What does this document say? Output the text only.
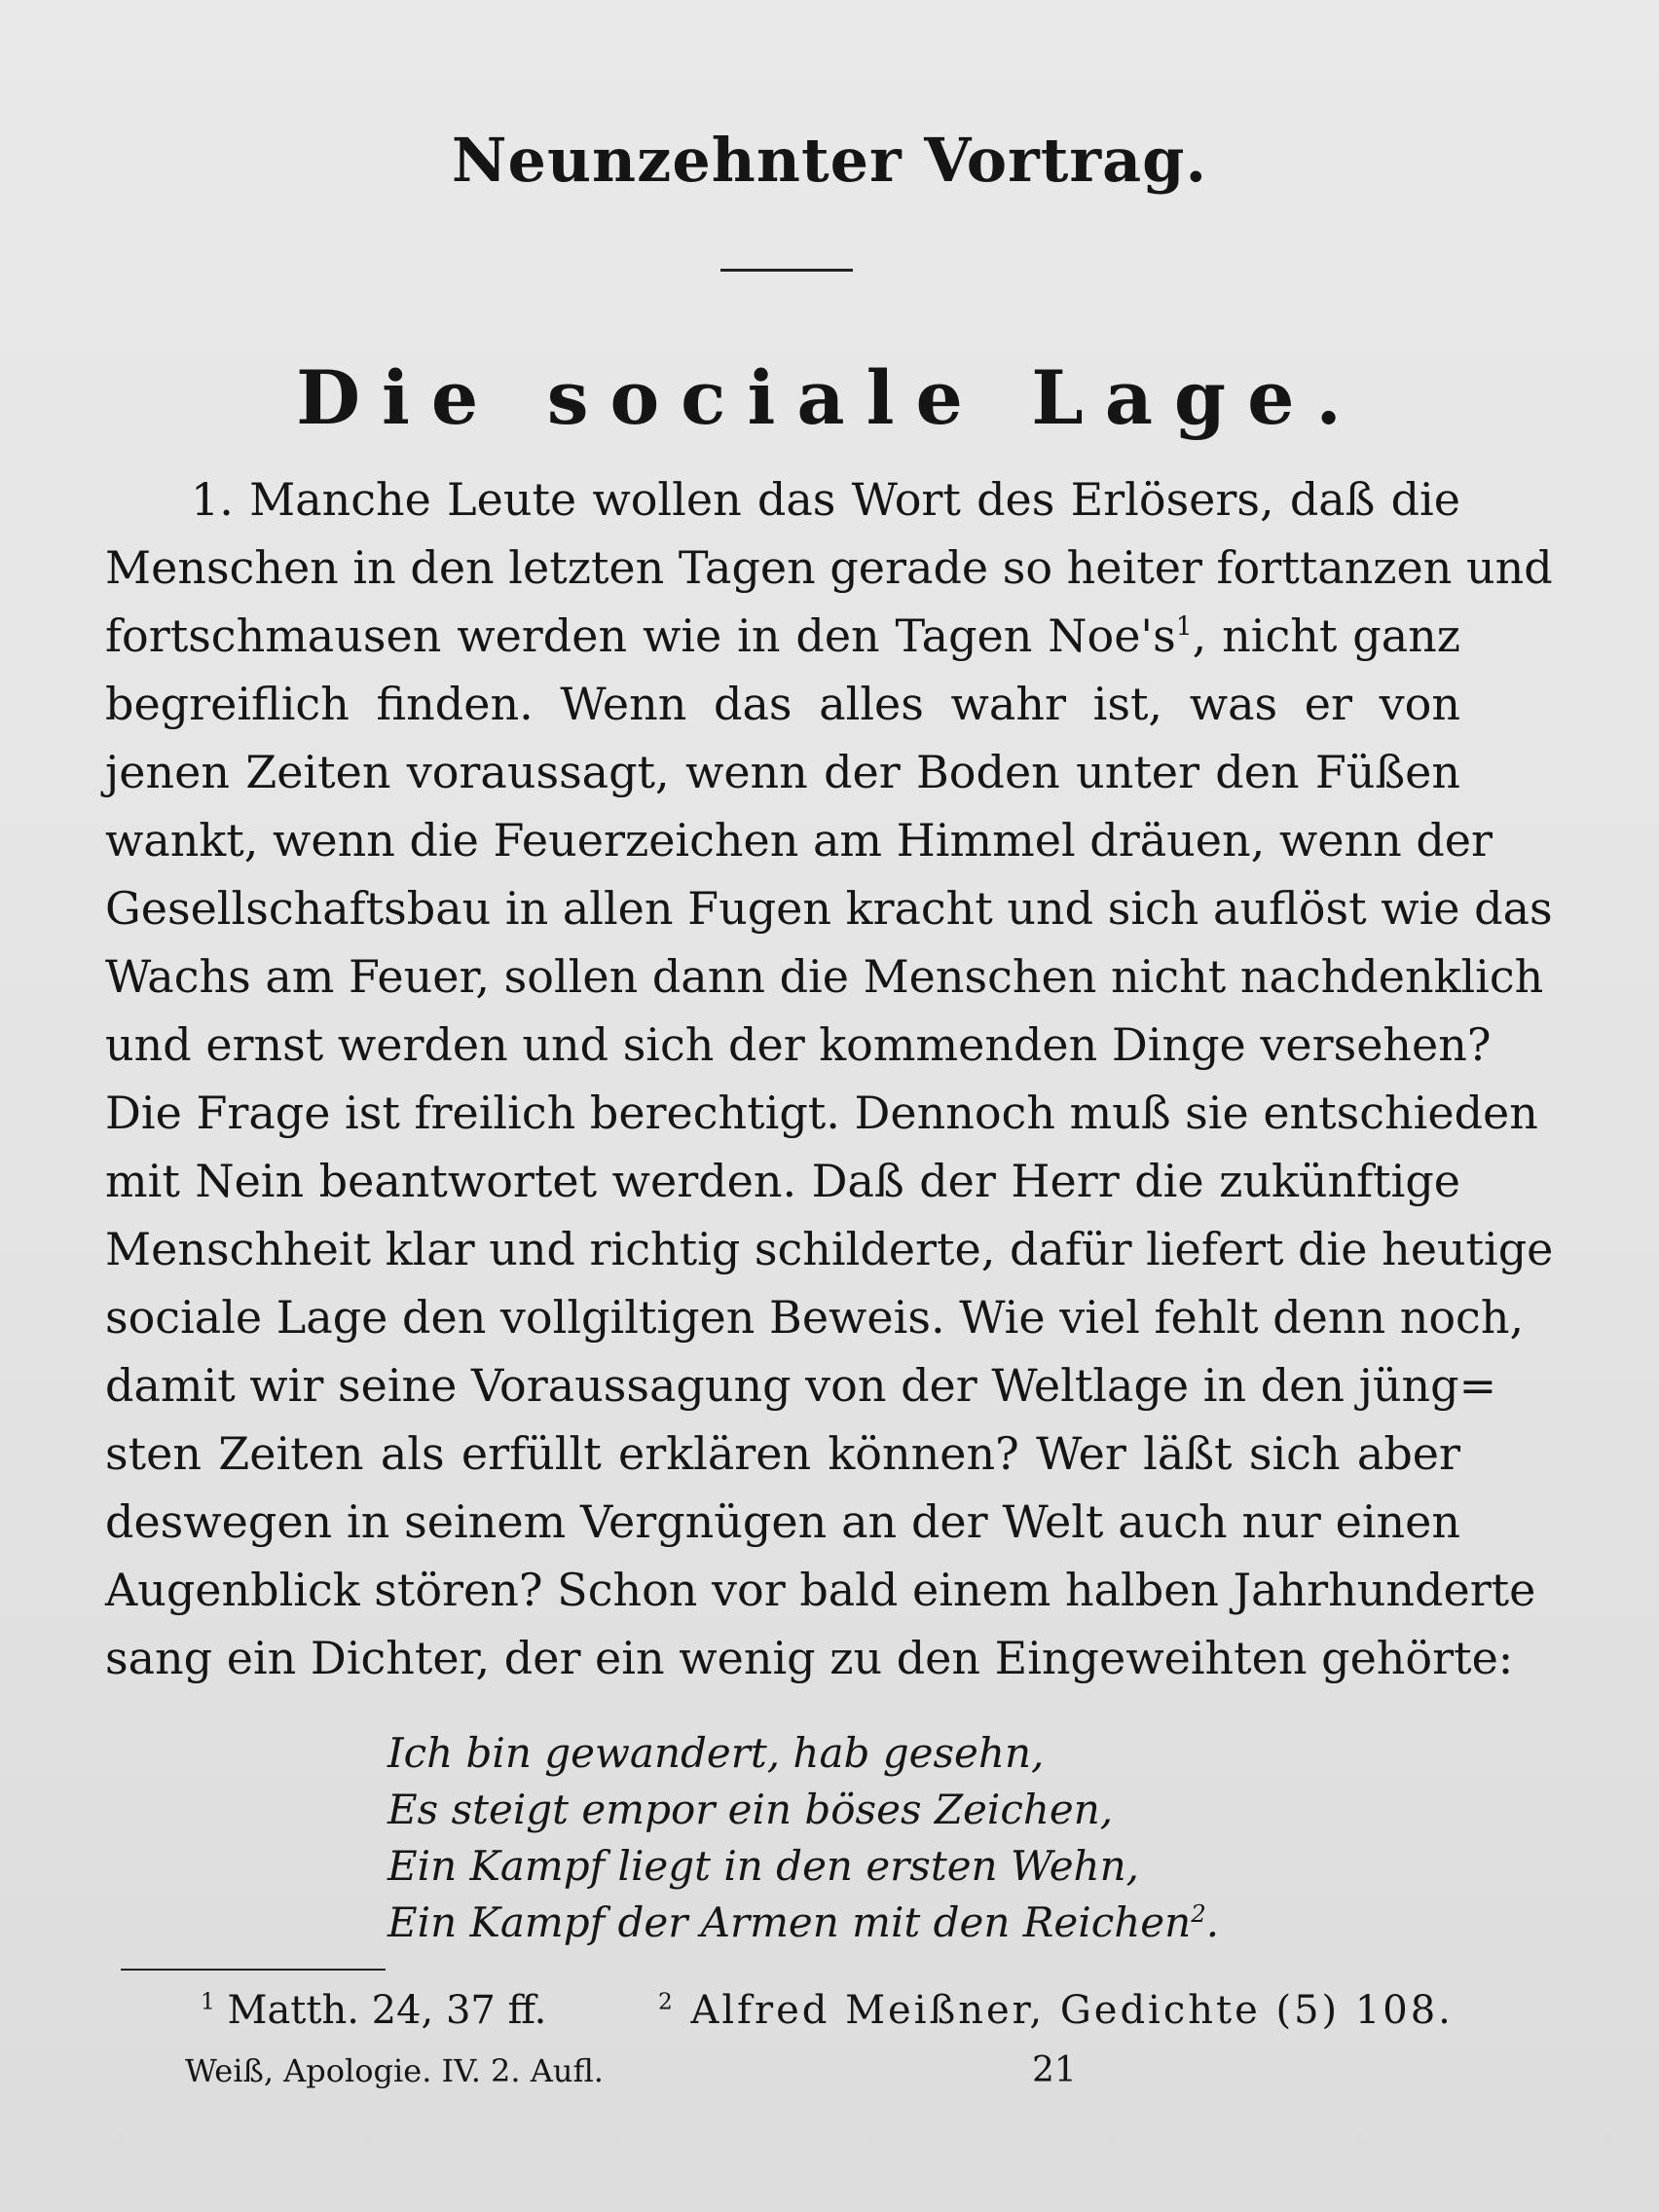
Neunzehnter Vortrag.
Die sociale Lage.
1. Manche Leute wollen das Wort des Erlösers, daß die
Menschen in den letzten Tagen gerade so heiter forttanzen und
fortschmausen werden wie in den Tagen $Noe's^1$, nicht ganz
begreiflich finden. Wenn das alles wahr ist, was er von
jenen Zeiten voraussagt, wenn der Boden unter den Füßen
wankt, wenn die Feuerzeichen am Himmel dräuen, wenn der
Gesellschaftsbau in allen Fugen kracht und sich auflöst wie das
Wachs am Feuer, sollen dann die Menschen nicht nachdenklich
und ernst werden und sich der kommenden Dinge versehen?
Die Frage ist freilich berechtigt. Dennoch muß sie entschieden
mit Nein beantwortet werden. Daß der Herr die zukünftige
Menschheit klar und richtig schilderte, dafür liefert die heutige
sociale Lage den vollgiltigen Beweis. Wie viel fehlt denn noch,
damit wir seine Voraussagung von der Weltlage in den jüng=
sten Zeiten als erfüllt erklären können? Wer läßt sich aber
deswegen in seinem Vergnügen an der Welt auch nur einen
Augenblick stören? Schon vor bald einem halben Jahrhunderte
sang ein Dichter, der ein wenig zu den Eingeweihten gehörte:
Ich bin gewandert, hab gesehn,
Es steigt empor ein böses Zeichen,
Ein Kampf liegt in den ersten Wehn,
Ein Kampf der Armen mit den Reichen$^2$.
$^1$ Matth. 24, 37 ff.	$^2$ Alfred Meißner, Gedichte (5) 108.
Weiß, Apologie. IV. 2. Aufl.	21
